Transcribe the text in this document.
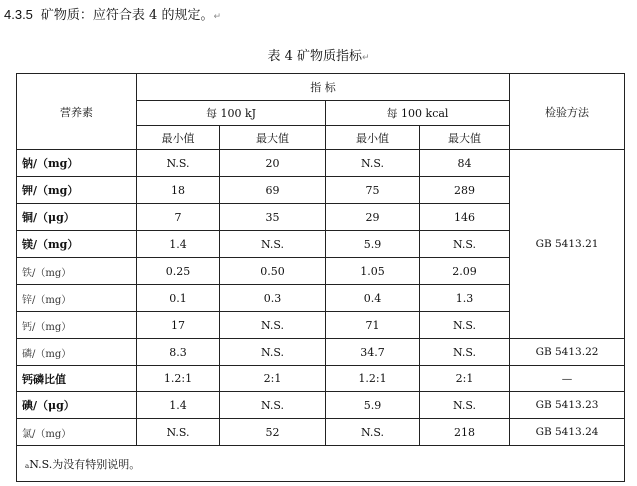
4.3.5 矿物质：应符合表 4 的规定。↵
表 4 矿物质指标↵
营养素	指 标				检验方法
	每 100 kJ		每 100 kcal		
	最小值	最大值	最小值	最大值	
钠/（mg）	N.S.	20	N.S.	84	GB 5413.21
钾/（mg）	18	69	75	289	
铜/（μg）	7	35	29	146	
镁/（mg）	1.4	N.S.	5.9	N.S.	
铁/（mg）	0.25	0.50	1.05	2.09	
锌/（mg）	0.1	0.3	0.4	1.3	
钙/（mg）	17	N.S.	71	N.S.	
磷/（mg）	8.3	N.S.	34.7	N.S.	GB 5413.22
钙磷比值	1.2:1	2:1	1.2:1	2:1	—
碘/（μg）	1.4	N.S.	5.9	N.S.	GB 5413.23
氯/（mg）	N.S.	52	N.S.	218	GB 5413.24
ₐN.S.为没有特别说明。					
